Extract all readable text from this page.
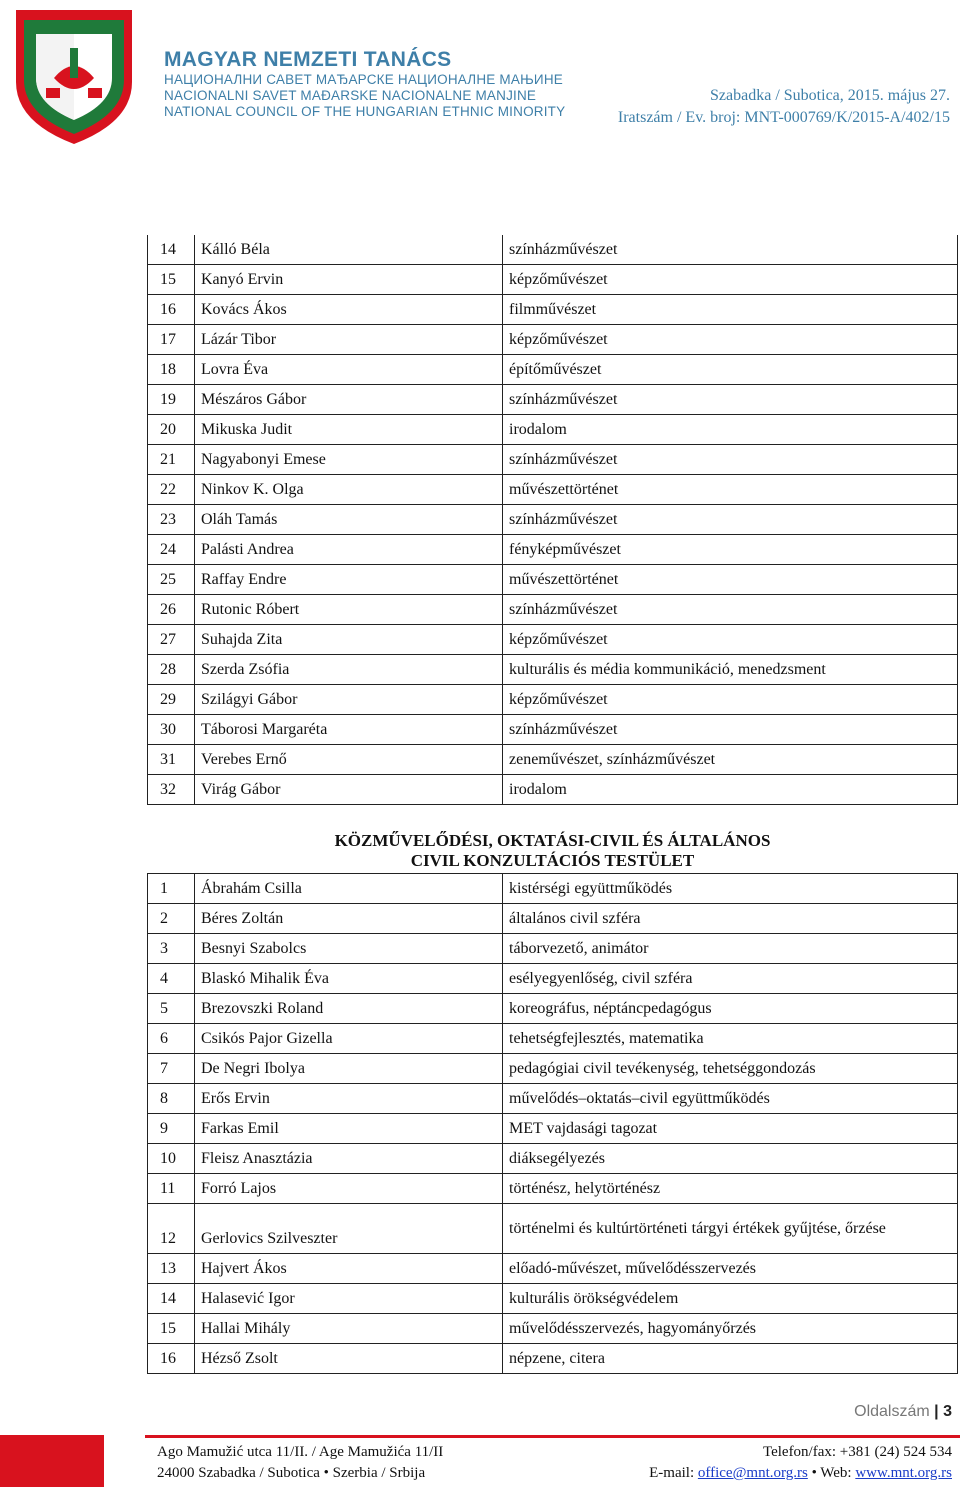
MAGYAR NEMZETI TANÁCS
НАЦИОНАЛНИ САВЕТ МАЂАРСКЕ НАЦИОНАЛНЕ МАЊИНЕ
NACIONALNI SAVET MAĐARSKE NACIONALNE MANJINE
NATIONAL COUNCIL OF THE HUNGARIAN ETHNIC MINORITY
Szabadka / Subotica, 2015. május 27.
Iratszám / Ev. broj: MNT-000769/K/2015-A/402/15
14	Kálló Béla	színházművészet
15	Kanyó Ervin	képzőművészet
16	Kovács Ákos	filmművészet
17	Lázár Tibor	képzőművészet
18	Lovra Éva	építőművészet
19	Mészáros Gábor	színházművészet
20	Mikuska Judit	irodalom
21	Nagyabonyi Emese	színházművészet
22	Ninkov K. Olga	művészettörténet
23	Oláh Tamás	színházművészet
24	Palásti Andrea	fényképművészet
25	Raffay Endre	művészettörténet
26	Rutonic Róbert	színházművészet
27	Suhajda Zita	képzőművészet
28	Szerda Zsófia	kulturális és média kommunikáció, menedzsment
29	Szilágyi Gábor	képzőművészet
30	Táborosi Margaréta	színházművészet
31	Verebes Ernő	zeneművészet, színházművészet
32	Virág Gábor	irodalom
KÖZMŰVELŐDÉSI, OKTATÁSI-CIVIL ÉS ÁLTALÁNOS
CIVIL KONZULTÁCIÓS TESTÜLET
1	Ábrahám Csilla	kistérségi együttműködés
2	Béres Zoltán	általános civil szféra
3	Besnyi Szabolcs	táborvezető, animátor
4	Blaskó Mihalik Éva	esélyegyenlőség, civil szféra
5	Brezovszki Roland	koreográfus, néptáncpedagógus
6	Csikós Pajor Gizella	tehetségfejlesztés, matematika
7	De Negri Ibolya	pedagógiai civil tevékenység, tehetséggondozás
8	Erős Ervin	művelődés–oktatás–civil együttműködés
9	Farkas Emil	MET vajdasági tagozat
10	Fleisz Anasztázia	diáksegélyezés
11	Forró Lajos	történész, helytörténész
12	Gerlovics Szilveszter	történelmi és kultúrtörténeti tárgyi értékek gyűjtése, őrzése
13	Hajvert Ákos	előadó-művészet, művelődésszervezés
14	Halasević Igor	kulturális örökségvédelem
15	Hallai Mihály	művelődésszervezés, hagyományőrzés
16	Hézső Zsolt	népzene, citera
Oldalszám | 3
Ago Mamužić utca 11/II. / Age Mamužića 11/II
24000 Szabadka / Subotica • Szerbia / Srbija
Telefon/fax: +381 (24) 524 534
E-mail: office@mnt.org.rs • Web: www.mnt.org.rs
